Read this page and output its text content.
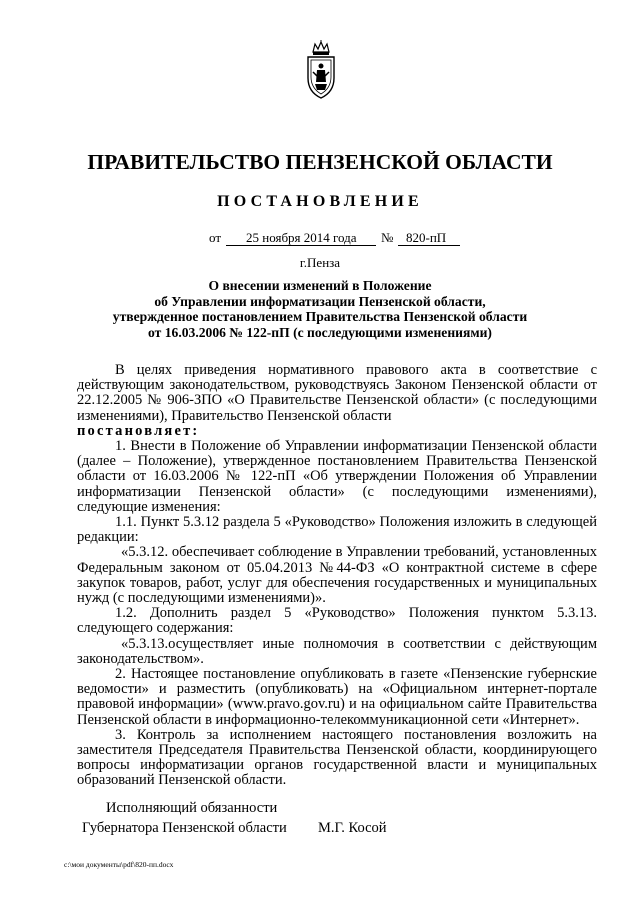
ПРАВИТЕЛЬСТВО ПЕНЗЕНСКОЙ ОБЛАСТИ
ПОСТАНОВЛЕНИЕ
от 25 ноября 2014 года № 820-пП
г.Пенза
О внесении изменений в Положение
об Управлении информатизации Пензенской области,
утвержденное постановлением Правительства Пензенской области
от 16.03.2006 № 122-пП (с последующими изменениями)

В целях приведения нормативного правового акта в соответствие с действующим законодательством, руководствуясь Законом Пензенской области от 22.12.2005 № 906-ЗПО «О Правительстве Пензенской области» (с последующими изменениями), Правительство Пензенской области

постановляет:

1. Внести в Положение об Управлении информатизации Пензенской области (далее – Положение), утвержденное постановлением Правительства Пензенской области от 16.03.2006 № 122-пП «Об утверждении Положения об Управлении информатизации Пензенской области» (с последующими изменениями), следующие изменения:

1.1. Пункт 5.3.12 раздела 5 «Руководство» Положения изложить в следующей редакции:

«5.3.12. обеспечивает соблюдение в Управлении требований, установленных Федеральным законом от 05.04.2013 №44-ФЗ «О контрактной системе в сфере закупок товаров, работ, услуг для обеспечения государственных и муниципальных нужд (с последующими изменениями)».

1.2. Дополнить раздел 5 «Руководство» Положения пунктом 5.3.13. следующего содержания:

«5.3.13.осуществляет иные полномочия в соответствии с действующим законодательством».

2. Настоящее постановление опубликовать в газете «Пензенские губернские ведомости» и разместить (опубликовать) на «Официальном интернет-портале правовой информации» (www.pravo.gov.ru) и на официальном сайте Правительства Пензенской области в информационно-телекоммуникационной сети «Интернет».

3. Контроль за исполнением настоящего постановления возложить на заместителя Председателя Правительства Пензенской области, координирующего вопросы информатизации органов государственной власти и муниципальных образований Пензенской области.

Исполняющий обязанности
Губернатора Пензенской области М.Г. Косой
c:\мои документы\pdf\820-пп.docx
